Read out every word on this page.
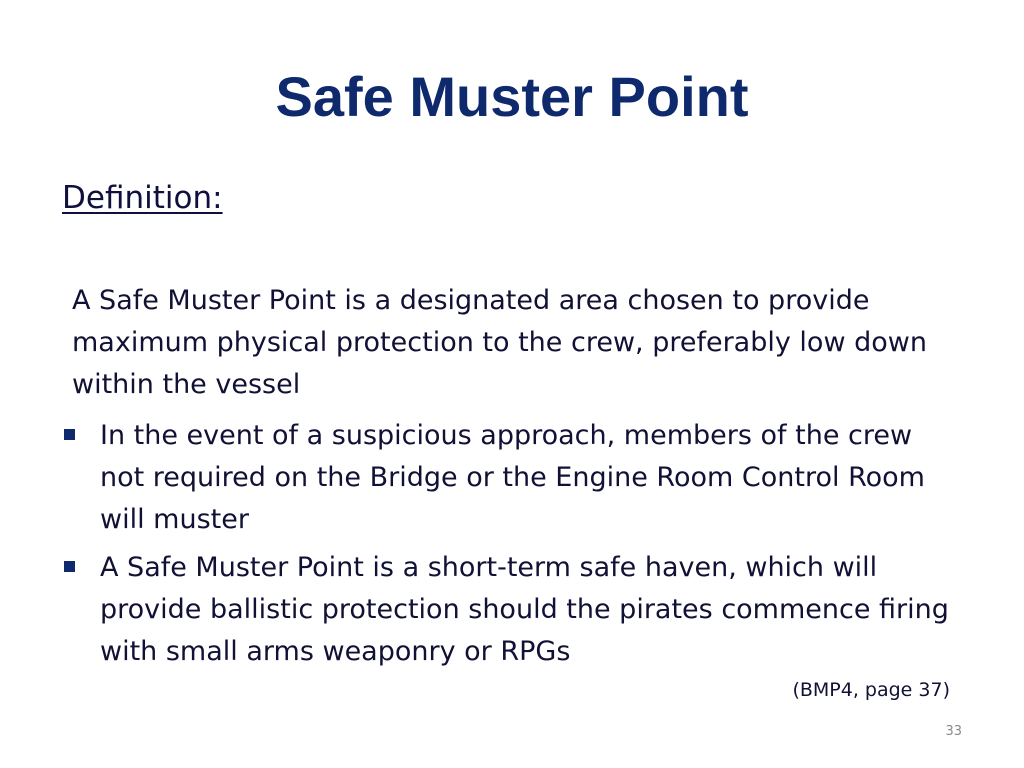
Safe Muster Point
Definition:
A Safe Muster Point is a designated area chosen to provide maximum physical protection to the crew, preferably low down within the vessel
In the event of a suspicious approach, members of the crew not required on the Bridge or the Engine Room Control Room will muster
A Safe Muster Point is a short-term safe haven, which will provide ballistic protection should the pirates commence firing with small arms weaponry or RPGs
(BMP4, page 37)
33
